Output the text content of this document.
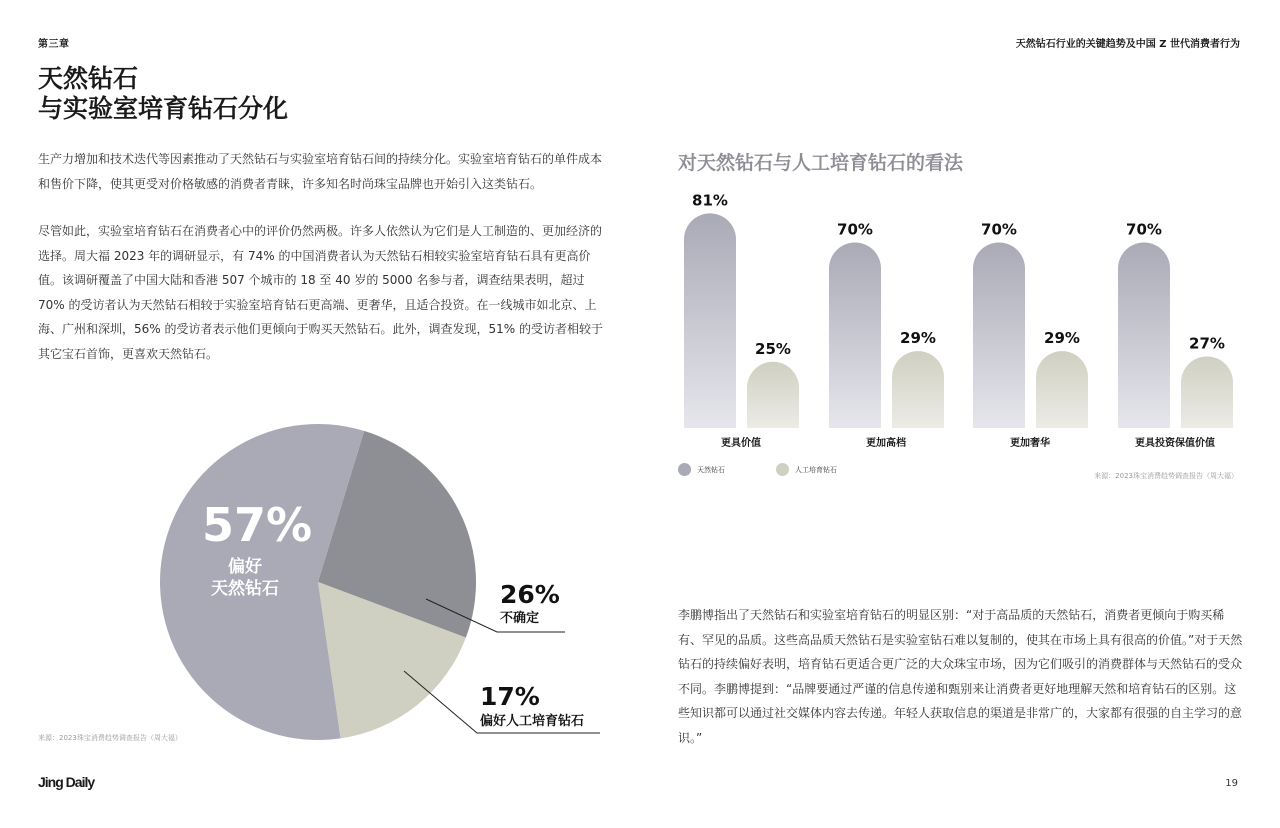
第三章	天然钻石行业的关键趋势及中国 Z 世代消费者行为
天然钻石
与实验室培育钻石分化

生产力增加和技术迭代等因素推动了天然钻石与实验室培育钻石间的持续分化。实验室培育钻石的单件成本和售价下降，使其更受对价格敏感的消费者青睐，许多知名时尚珠宝品牌也开始引入这类钻石。

尽管如此，实验室培育钻石在消费者心中的评价仍然两极。许多人依然认为它们是人工制造的、更加经济的选择。周大福 2023 年的调研显示，有 74% 的中国消费者认为天然钻石相较实验室培育钻石具有更高价值。该调研覆盖了中国大陆和香港 507 个城市的 18 至 40 岁的 5000 名参与者，调查结果表明，超过 70% 的受访者认为天然钻石相较于实验室培育钻石更高端、更奢华，且适合投资。在一线城市如北京、上海、广州和深圳，56% 的受访者表示他们更倾向于购买天然钻石。此外，调查发现，51% 的受访者相较于其它宝石首饰，更喜欢天然钻石。

57%
偏好
天然钻石	26%
不确定
17%
偏好人工培育钻石
来源：2023珠宝消费趋势调查报告（周大福）
对天然钻石与人工培育钻石的看法
81%
25%
更具价值
70%
29%
更加高档
70%
29%
更加奢华
70%
27%
更具投资保值价值
天然钻石	人工培育钻石
来源：2023珠宝消费趋势调查报告（周大福）

李鹏博指出了天然钻石和实验室培育钻石的明显区别：“对于高品质的天然钻石，消费者更倾向于购买稀有、罕见的品质。这些高品质天然钻石是实验室钻石难以复制的，使其在市场上具有很高的价值。”对于天然钻石的持续偏好表明，培育钻石更适合更广泛的大众珠宝市场，因为它们吸引的消费群体与天然钻石的受众不同。李鹏博提到：“品牌要通过严谨的信息传递和甄别来让消费者更好地理解天然和培育钻石的区别。这些知识都可以通过社交媒体内容去传递。年轻人获取信息的渠道是非常广的，大家都有很强的自主学习的意识。”

Jing Daily	19
